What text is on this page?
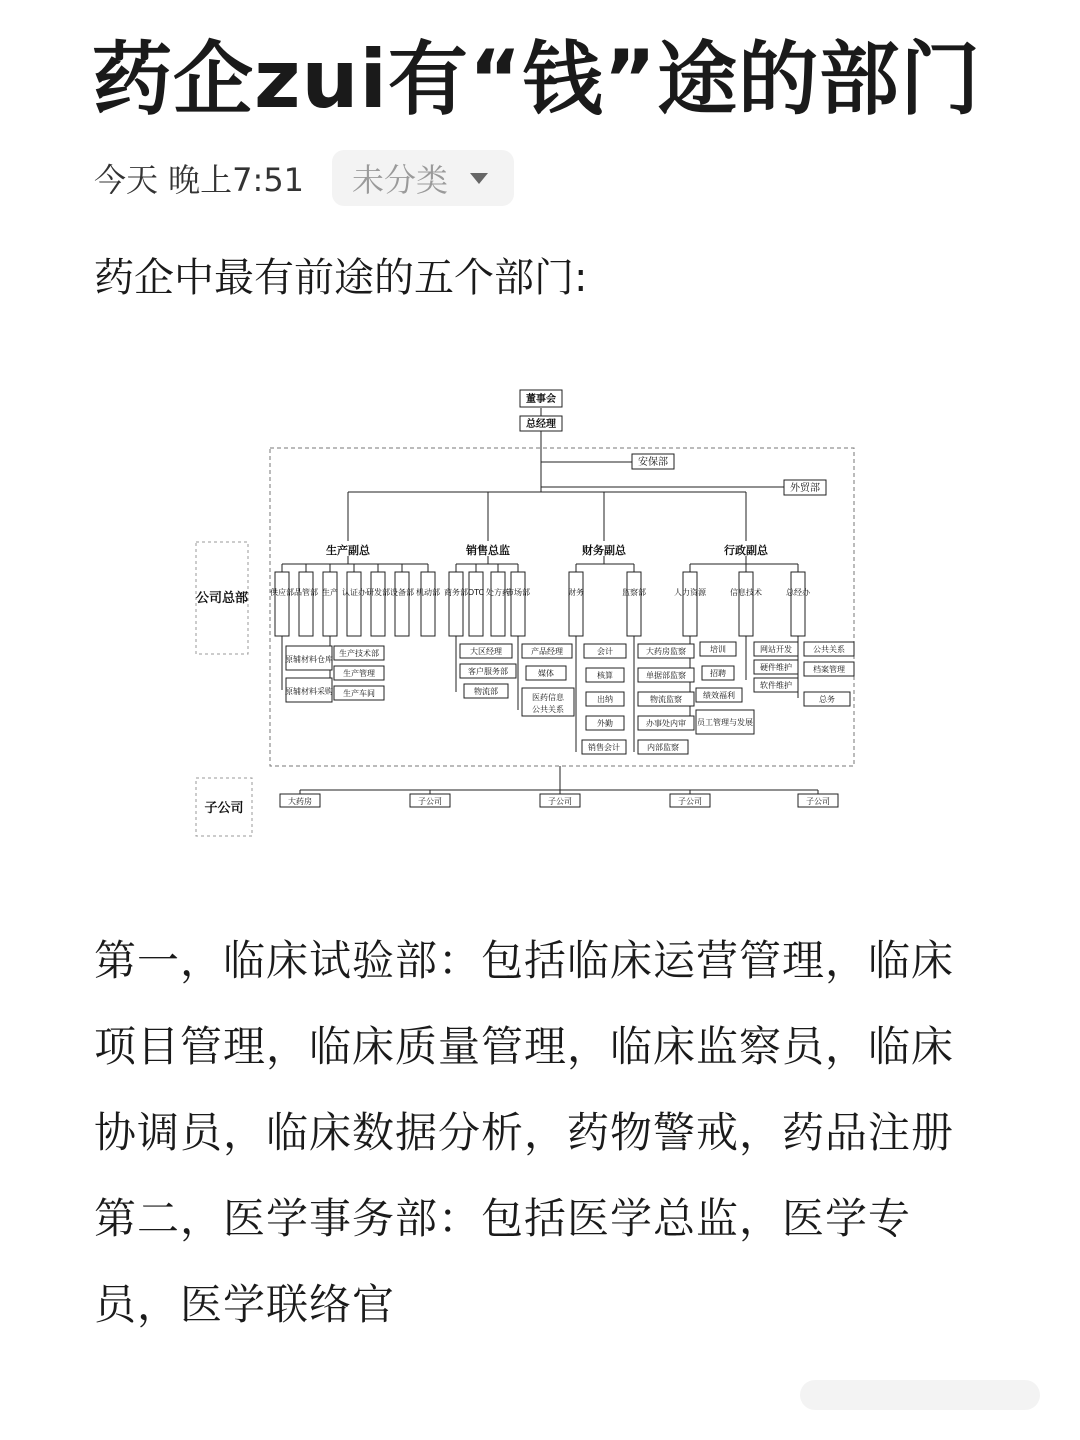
药企zui有“钱”途的部门
今天 晚上7:51 未分类
药企中最有前途的五个部门:
董事会
总经理
安保部
外贸部
生产副总	销售总监	财务副总	行政副总
公司总部
子公司
供应部 品管部 生产 认证办 研发部 设备部 机动部 商务部 OTC 处方药
市场部	财务	监察部	人力资源	信息技术	总经办
原辅材料仓库
原辅材料采购
生产技术部
生产管理
生产车间
大区经理
客户服务部
物流部
产品经理
媒体
医药信息
公共关系
会计
核算
出纳
外勤
销售会计
大药房监察
单据部监察
物流监察
办事处内审
内部监察
培训
招聘
绩效福利
员工管理与发展
网站开发
硬件维护
软件维护
公共关系
档案管理
总务
大药房	子公司	子公司	子公司	子公司

第一，临床试验部：包括临床运营管理，临床项目管理，临床质量管理，临床监察员，临床协调员，临床数据分析，药物警戒，药品注册

第二，医学事务部：包括医学总监，医学专员，医学联络官
